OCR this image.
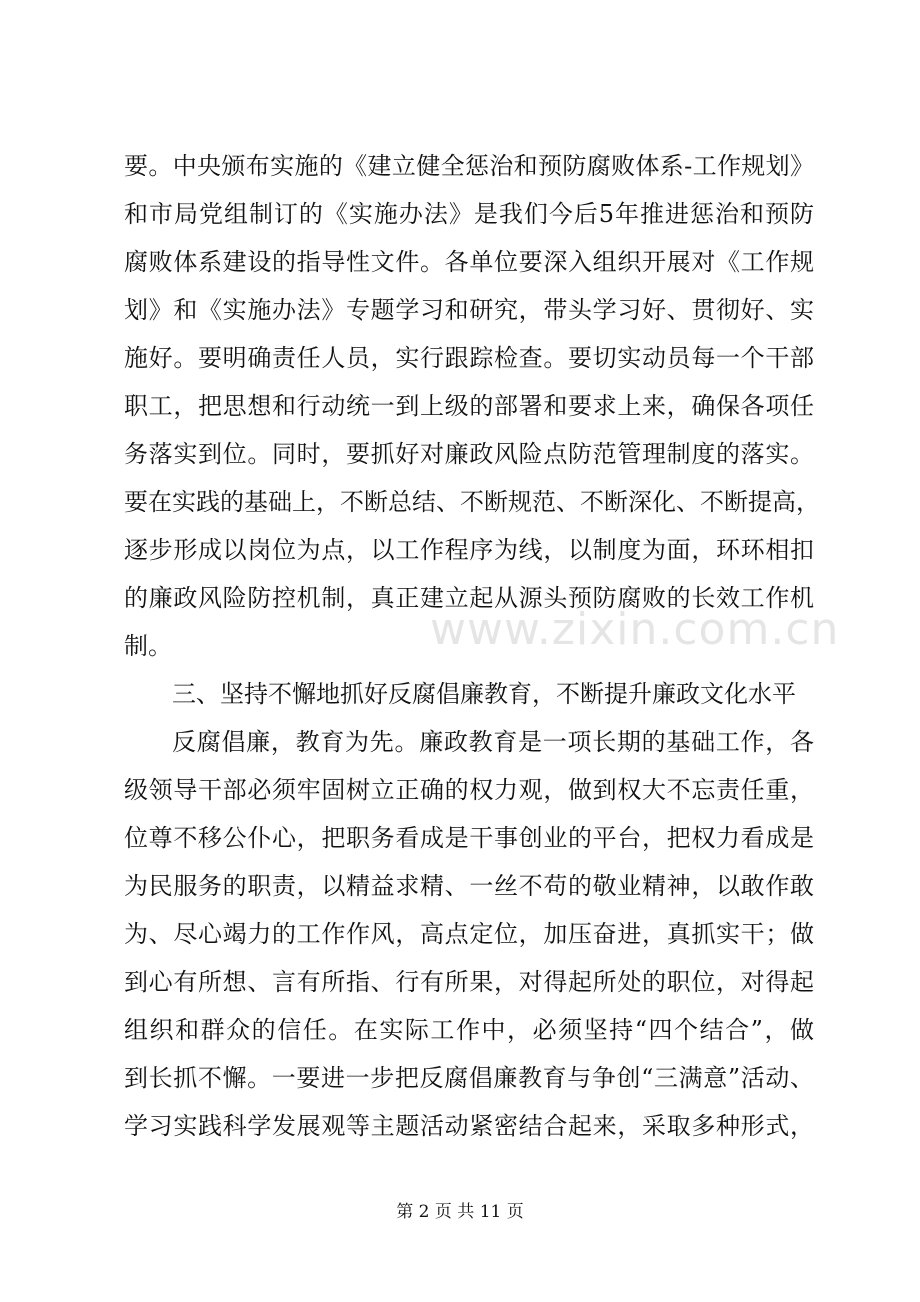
要。中央颁布实施的《建立健全惩治和预防腐败体系-工作规划》
和市局党组制订的《实施办法》是我们今后5年推进惩治和预防
腐败体系建设的指导性文件。各单位要深入组织开展对《工作规
划》和《实施办法》专题学习和研究，带头学习好、贯彻好、实
施好。要明确责任人员，实行跟踪检查。要切实动员每一个干部
职工，把思想和行动统一到上级的部署和要求上来，确保各项任
务落实到位。同时，要抓好对廉政风险点防范管理制度的落实。
要在实践的基础上，不断总结、不断规范、不断深化、不断提高，
逐步形成以岗位为点，以工作程序为线，以制度为面，环环相扣
的廉政风险防控机制，真正建立起从源头预防腐败的长效工作机
制。
三、坚持不懈地抓好反腐倡廉教育，不断提升廉政文化水平
反腐倡廉，教育为先。廉政教育是一项长期的基础工作，各
级领导干部必须牢固树立正确的权力观，做到权大不忘责任重，
位尊不移公仆心，把职务看成是干事创业的平台，把权力看成是
为民服务的职责，以精益求精、一丝不苟的敬业精神，以敢作敢
为、尽心竭力的工作作风，高点定位，加压奋进，真抓实干；做
到心有所想、言有所指、行有所果，对得起所处的职位，对得起
组织和群众的信任。在实际工作中，必须坚持“四个结合”，做
到长抓不懈。一要进一步把反腐倡廉教育与争创“三满意”活动、
学习实践科学发展观等主题活动紧密结合起来，采取多种形式，
www.zixin.com.cn
第 2 页 共 11 页
